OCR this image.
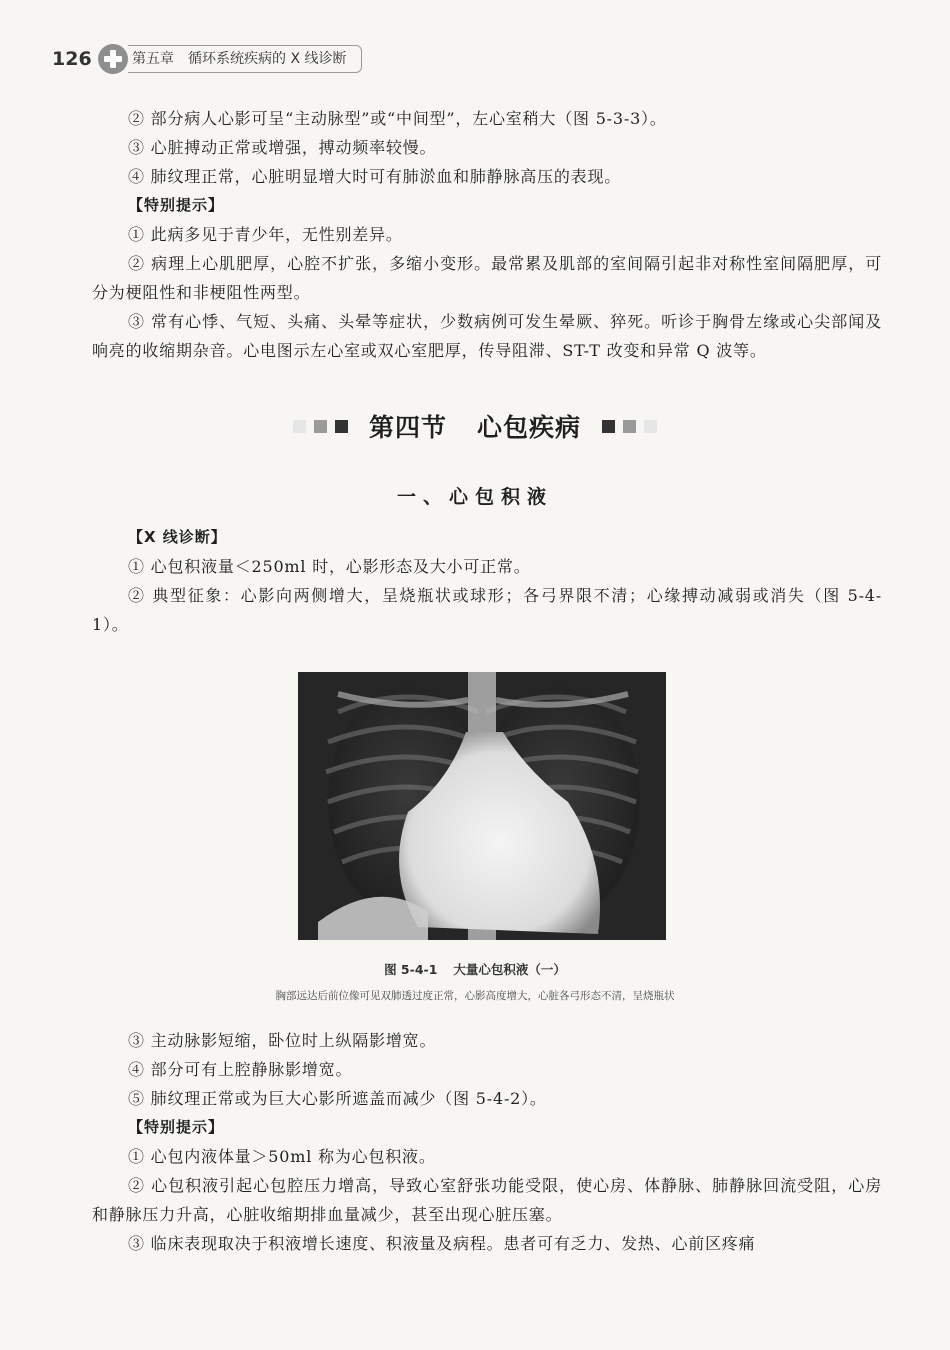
126	第五章 循环系统疾病的 X 线诊断

② 部分病人心影可呈“主动脉型”或“中间型”，左心室稍大（图 5-3-3）。

③ 心脏搏动正常或增强，搏动频率较慢。

④ 肺纹理正常，心脏明显增大时可有肺淤血和肺静脉高压的表现。

【特别提示】

① 此病多见于青少年，无性别差异。

② 病理上心肌肥厚，心腔不扩张，多缩小变形。最常累及肌部的室间隔引起非对称性室间隔肥厚，可分为梗阻性和非梗阻性两型。

③ 常有心悸、气短、头痛、头晕等症状，少数病例可发生晕厥、猝死。听诊于胸骨左缘或心尖部闻及响亮的收缩期杂音。心电图示左心室或双心室肥厚，传导阻滞、ST-T 改变和异常 Q 波等。

第四节 心包疾病
一、心包积液

【X 线诊断】

① 心包积液量＜250ml 时，心影形态及大小可正常。

② 典型征象：心影向两侧增大，呈烧瓶状或球形；各弓界限不清；心缘搏动减弱或消失（图 5-4-1）。

图 5-4-1 大量心包积液（一）
胸部远达后前位像可见双肺透过度正常，心影高度增大，心脏各弓形态不清，呈烧瓶状

③ 主动脉影短缩，卧位时上纵隔影增宽。

④ 部分可有上腔静脉影增宽。

⑤ 肺纹理正常或为巨大心影所遮盖而减少（图 5-4-2）。

【特别提示】

① 心包内液体量＞50ml 称为心包积液。

② 心包积液引起心包腔压力增高，导致心室舒张功能受限，使心房、体静脉、肺静脉回流受阻，心房和静脉压力升高，心脏收缩期排血量减少，甚至出现心脏压塞。

③ 临床表现取决于积液增长速度、积液量及病程。患者可有乏力、发热、心前区疼痛
